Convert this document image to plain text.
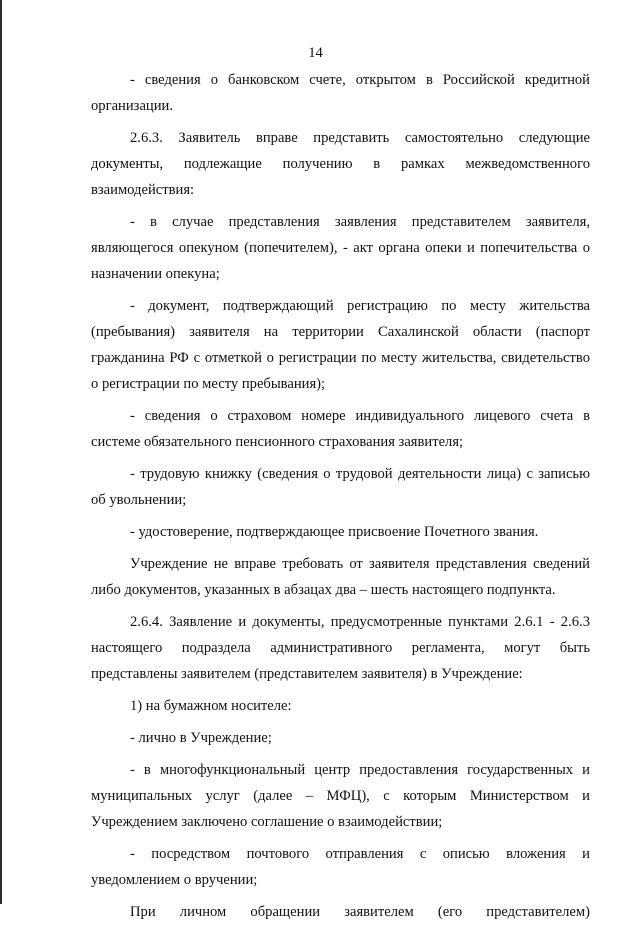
14

- сведения о банковском счете, открытом в Российской кредитной организации.

2.6.3. Заявитель вправе представить самостоятельно следующие документы, подлежащие получению в рамках межведомственного взаимодействия:

- в случае представления заявления представителем заявителя, являющегося опекуном (попечителем), - акт органа опеки и попечительства о назначении опекуна;

- документ, подтверждающий регистрацию по месту жительства (пребывания) заявителя на территории Сахалинской области (паспорт гражданина РФ с отметкой о регистрации по месту жительства, свидетельство о регистрации по месту пребывания);

- сведения о страховом номере индивидуального лицевого счета в системе обязательного пенсионного страхования заявителя;

- трудовую книжку (сведения о трудовой деятельности лица) с записью об увольнении;

- удостоверение, подтверждающее присвоение Почетного звания.

Учреждение не вправе требовать от заявителя представления сведений либо документов, указанных в абзацах два – шесть настоящего подпункта.

2.6.4. Заявление и документы, предусмотренные пунктами 2.6.1 - 2.6.3 настоящего подраздела административного регламента, могут быть представлены заявителем (представителем заявителя) в Учреждение:

1) на бумажном носителе:

- лично в Учреждение;

- в многофункциональный центр предоставления государственных и муниципальных услуг (далее – МФЦ), с которым Министерством и Учреждением заключено соглашение о взаимодействии;

- посредством почтового отправления с описью вложения и уведомлением о вручении;

При личном обращении заявителем (его представителем)
